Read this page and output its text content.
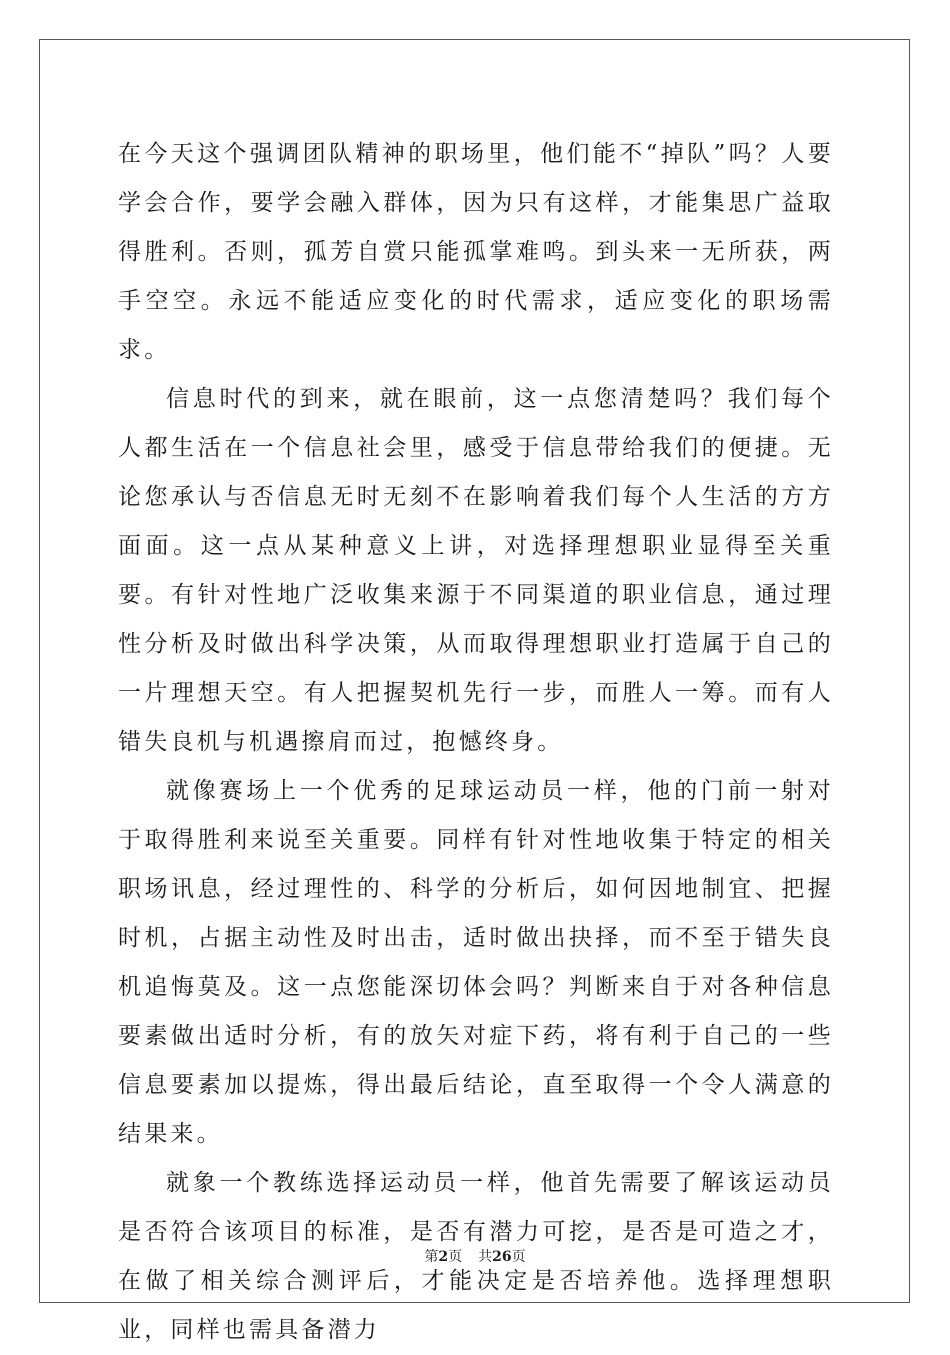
在今天这个强调团队精神的职场里，他们能不“掉队”吗？人要学会合作，要学会融入群体，因为只有这样，才能集思广益取得胜利。否则，孤芳自赏只能孤掌难鸣。到头来一无所获，两手空空。永远不能适应变化的时代需求，适应变化的职场需求。

信息时代的到来，就在眼前，这一点您清楚吗？我们每个人都生活在一个信息社会里，感受于信息带给我们的便捷。无论您承认与否信息无时无刻不在影响着我们每个人生活的方方面面。这一点从某种意义上讲，对选择理想职业显得至关重要。有针对性地广泛收集来源于不同渠道的职业信息，通过理性分析及时做出科学决策，从而取得理想职业打造属于自己的一片理想天空。有人把握契机先行一步，而胜人一筹。而有人错失良机与机遇擦肩而过，抱憾终身。

就像赛场上一个优秀的足球运动员一样，他的门前一射对于取得胜利来说至关重要。同样有针对性地收集于特定的相关职场讯息，经过理性的、科学的分析后，如何因地制宜、把握时机，占据主动性及时出击，适时做出抉择，而不至于错失良机追悔莫及。这一点您能深切体会吗？判断来自于对各种信息要素做出适时分析，有的放矢对症下药，将有利于自己的一些信息要素加以提炼，得出最后结论，直至取得一个令人满意的结果来。

就象一个教练选择运动员一样，他首先需要了解该运动员是否符合该项目的标准，是否有潜力可挖，是否是可造之才，在做了相关综合测评后，才能决定是否培养他。选择理想职业，同样也需具备潜力

第2页 共26页
